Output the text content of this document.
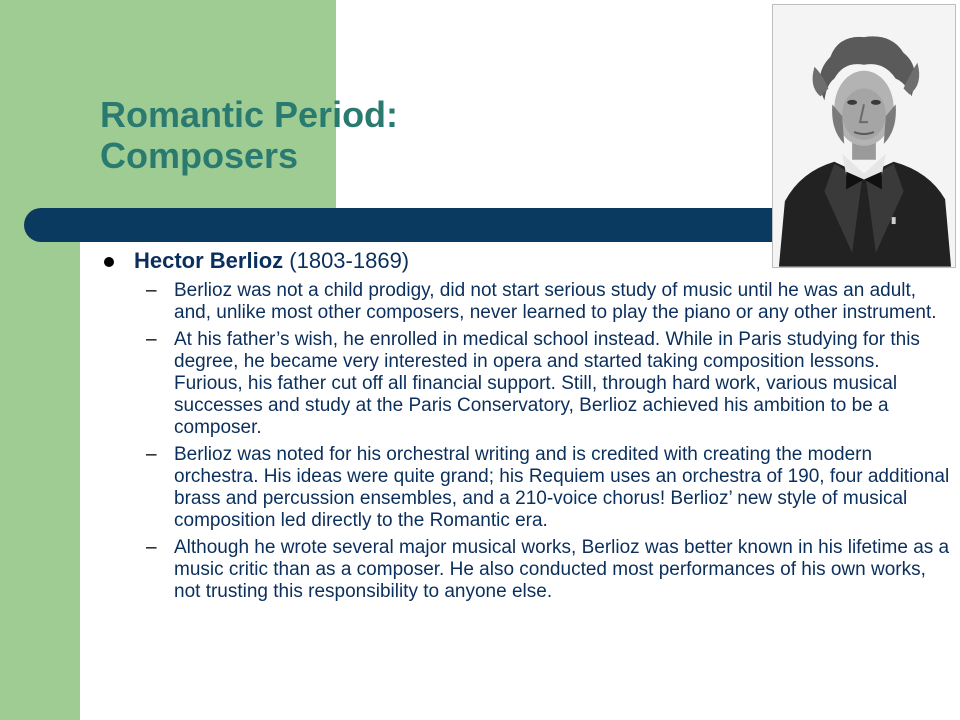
Romantic Period:
Composers
Hector Berlioz (1803-1869)
– Berlioz was not a child prodigy, did not start serious study of music until he was an adult, and, unlike most other composers, never learned to play the piano or any other instrument.
– At his father’s wish, he enrolled in medical school instead. While in Paris studying for this degree, he became very interested in opera and started taking composition lessons. Furious, his father cut off all financial support. Still, through hard work, various musical successes and study at the Paris Conservatory, Berlioz achieved his ambition to be a composer.
– Berlioz was noted for his orchestral writing and is credited with creating the modern orchestra. His ideas were quite grand; his Requiem uses an orchestra of 190, four additional brass and percussion ensembles, and a 210-voice chorus! Berlioz’ new style of musical composition led directly to the Romantic era.
– Although he wrote several major musical works, Berlioz was better known in his lifetime as a music critic than as a composer. He also conducted most performances of his own works, not trusting this responsibility to anyone else.
